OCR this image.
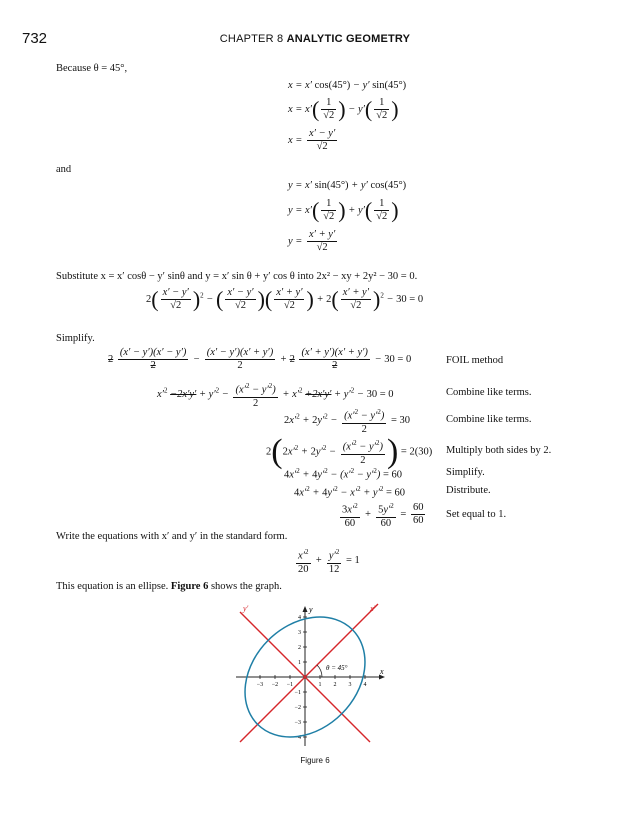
732	CHAPTER 8 ANALYTIC GEOMETRY
Because θ = 45°,
x = x′ cos(45°) − y′ sin(45°)
$x = x'( \frac{1}{√2}$ ) − $y'( \frac{1}{√2}$ )
$x = \frac{x' - y'}{√2}$
and
y = x′ sin(45°) + y′ cos(45°)
$y = x'( \frac{1}{√2}$ ) + $y'( \frac{1}{√2}$ )
$y = \frac{x' + y'}{√2}$
Substitute x = x′ cosθ − y′ sinθ and y = x′ sin θ + y′ cos θ into 2x² − xy + 2y² − 30 = 0.
$2( \frac{x' - y'}{√2} )^2$ − ( $\frac{x' - y'}{√2}$ )( $\frac{x' + y'}{√2}$ ) + $2( \frac{x' + y'}{√2} )^2 - 30 = 0$
Simplify.
$2 \frac{(x' - y')(x' - y')}{2} - \frac{(x' - y')(x' + y')}{2} + 2 \frac{(x' + y')(x' + y')}{2} - 30 = 0$	FOIL method
$x'^2 -2x'y' + y'^2 - \frac{(x'^2 - y'^2)}{2} + x'^2 +2x'y' + y'^2 - 30 = 0$	Combine like terms.
$2x'^2 + 2y'^2 - \frac{(x'^2 - y'^2)}{2} = 30$	Combine like terms.
$2(2x'^2 + 2y'^2 - \frac{(x'^2 - y'^2)}{2}$ ) = 2(30) Multiply both sides by 2.
$4x'^2 + 4y'^2 - (x'^2 - y'^2) = 60$	Simplify.
$4x'^2 + 4y'^2 - x'^2 + y'^2 = 60$	Distribute.
$\frac{3x'^2}{60} + \frac{5y'^2}{60} = \frac{60}{60}$ Set equal to 1.
Write the equations with x′ and y′ in the standard form.
$\frac{x'^2}{20} + \frac{y'^2}{12} = 1$
This equation is an ellipse. Figure 6 shows the graph.
−3 −2 −1	1 2 3 4
4
3
2
1
−1
−2
−3
−4
θ = 45°	x
y	x′
y′
Figure 6
